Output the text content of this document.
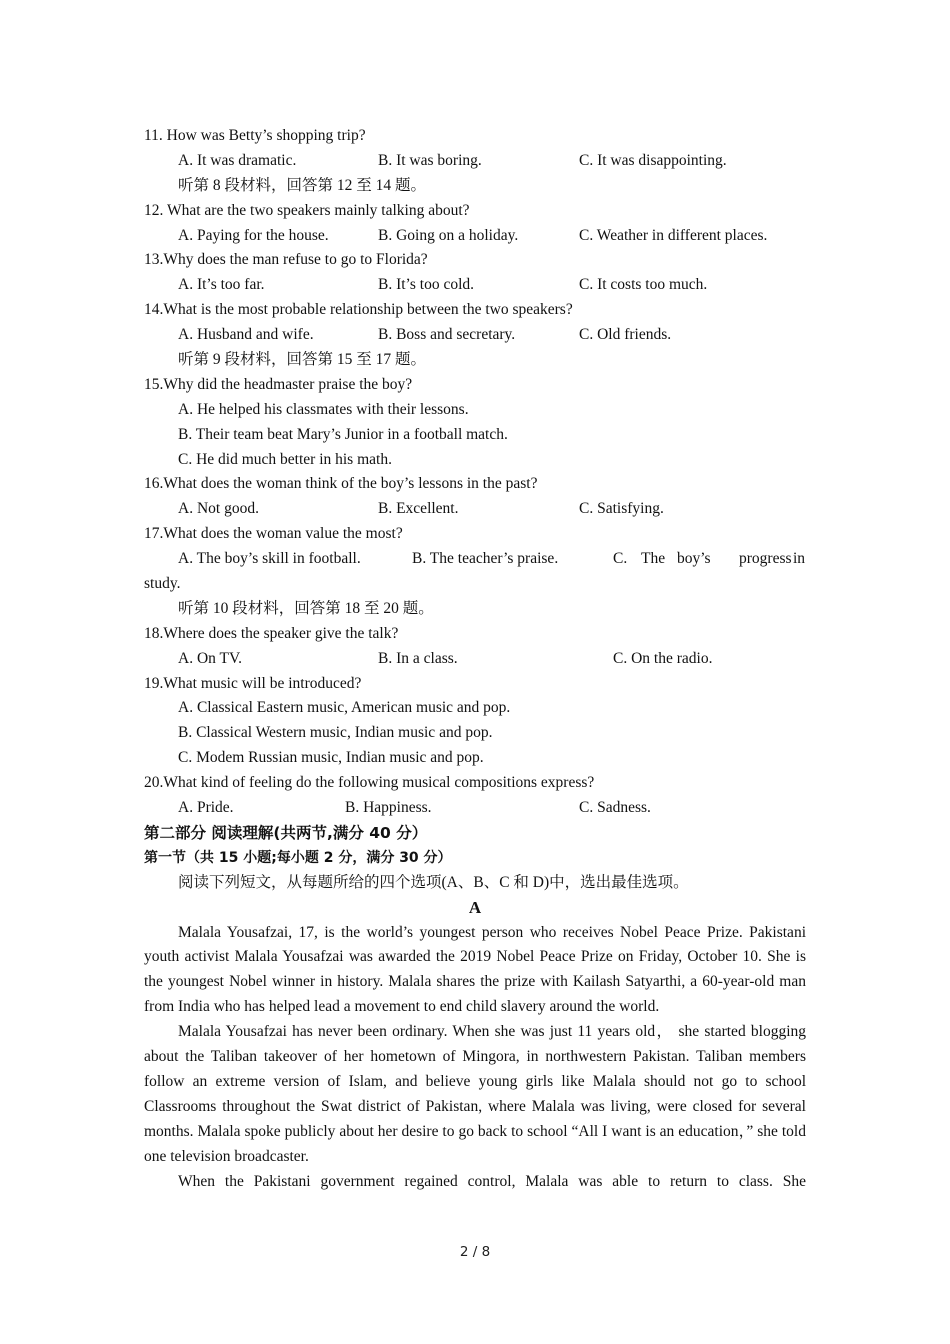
11. How was Betty’s shopping trip?
A. It was dramatic.	B. It was boring.	C. It was disappointing.
听第 8 段材料，回答第 12 至 14 题。
12. What are the two speakers mainly talking about?
A. Paying for the house.	B. Going on a holiday.	C. Weather in different places.
13.Why does the man refuse to go to Florida?
A. It’s too far.	B. It’s too cold.	C. It costs too much.
14.What is the most probable relationship between the two speakers?
A. Husband and wife.	B. Boss and secretary.	C. Old friends.
听第 9 段材料，回答第 15 至 17 题。
15.Why did the headmaster praise the boy?
A. He helped his classmates with their lessons.
B. Their team beat Mary’s Junior in a football match.
C. He did much better in his math.
16.What does the woman think of the boy’s lessons in the past?
A. Not good.	B. Excellent.	C. Satisfying.
17.What does the woman value the most?
A. The boy’s skill in football.	B. The teacher’s praise.	C. The boy’s progress in
study.
听第 10 段材料，回答第 18 至 20 题。
18.Where does the speaker give the talk?
A. On TV.	B. In a class.	C. On the radio.
19.What music will be introduced?
A. Classical Eastern music, American music and pop.
B. Classical Western music, Indian music and pop.
C. Modem Russian music, Indian music and pop.
20.What kind of feeling do the following musical compositions express?
A. Pride.	B. Happiness.	C. Sadness.
第二部分 阅读理解(共两节,满分 40 分）
第一节（共 15 小题;每小题 2 分，满分 30 分）
阅读下列短文，从每题所给的四个选项(A、B、C 和 D)中，选出最佳选项。
A

Malala Yousafzai, 17, is the world’s youngest person who receives Nobel Peace Prize. Pakistani youth activist Malala Yousafzai was awarded the 2019 Nobel Peace Prize on Friday, October 10. She is the youngest Nobel winner in history. Malala shares the prize with Kailash Satyarthi, a 60-year-old man from India who has helped lead a movement to end child slavery around the world.

Malala Yousafzai has never been ordinary. When she was just 11 years old， she started blogging about the Taliban takeover of her hometown of Mingora, in northwestern Pakistan. Taliban members follow an extreme version of Islam, and believe young girls like Malala should not go to school Classrooms throughout the Swat district of Pakistan, where Malala was living, were closed for several months. Malala spoke publicly about her desire to go back to school “All I want is an education，” she told one television broadcaster.

When the Pakistani government regained control, Malala was able to return to class. She
2 / 8
